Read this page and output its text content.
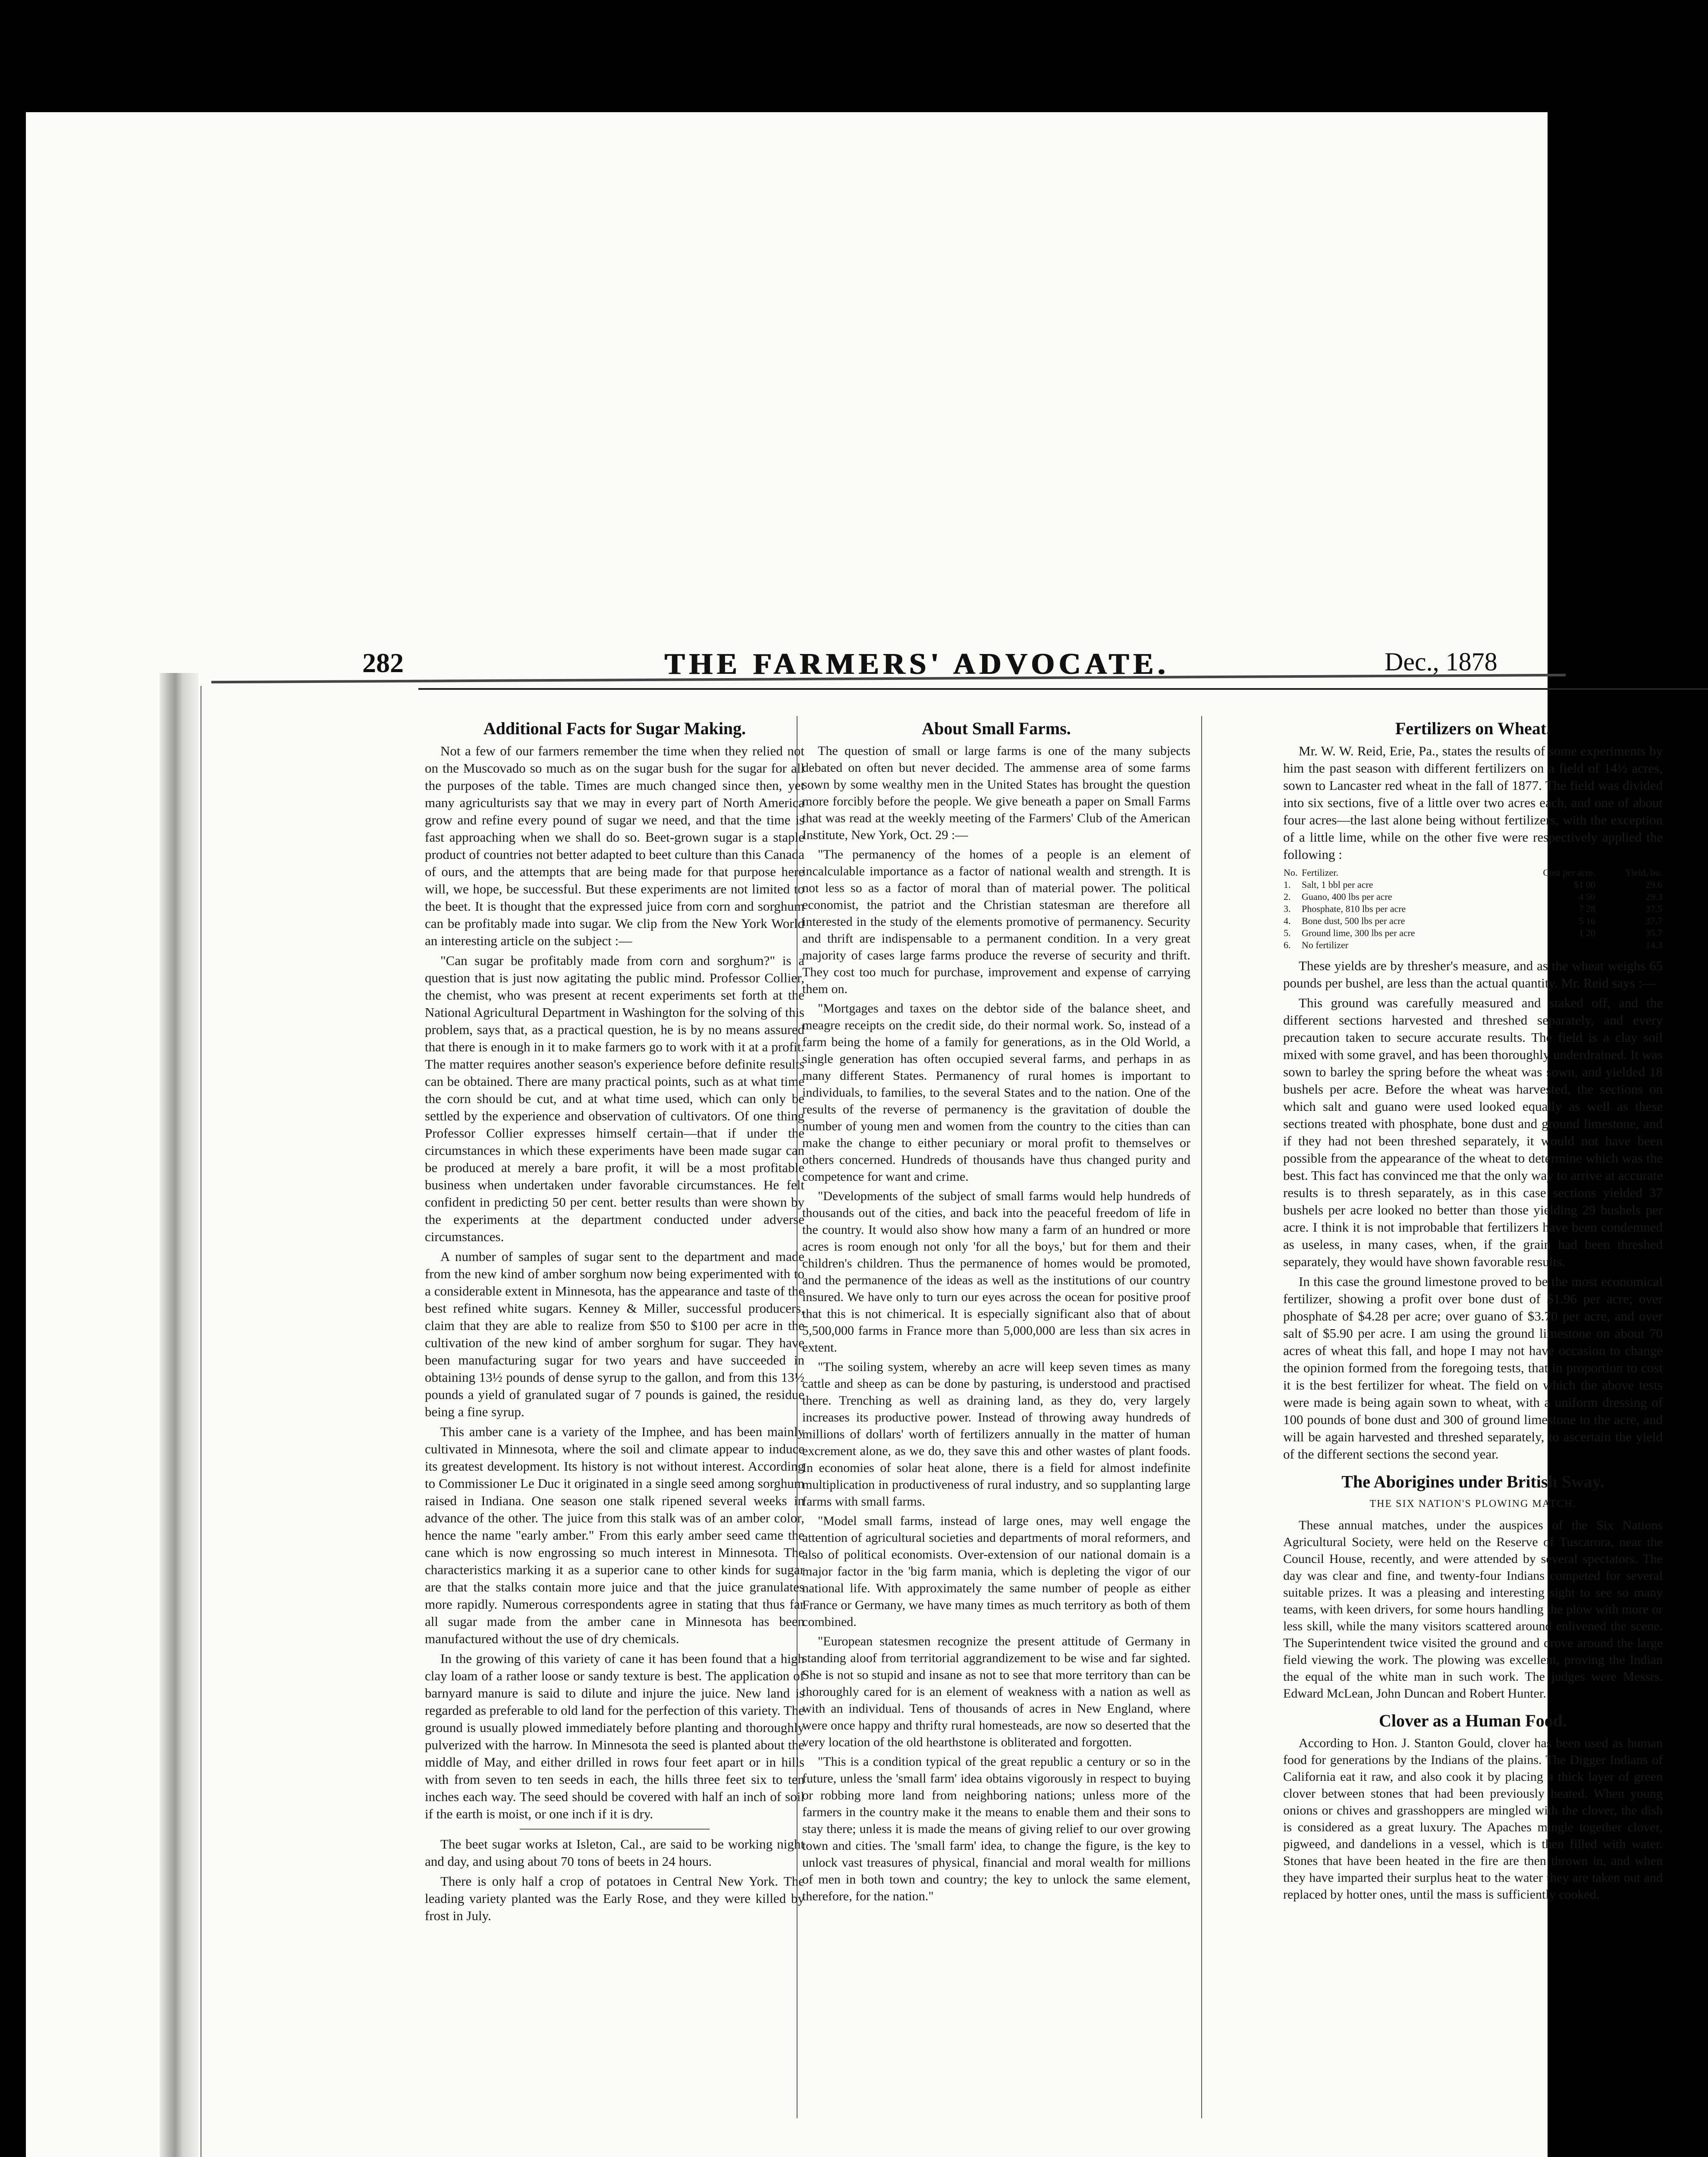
282	THE FARMERS' ADVOCATE.	Dec., 1878
Additional Facts for Sugar Making.

Not a few of our farmers remember the time when they relied not on the Muscovado so much as on the sugar bush for the sugar for all the purposes of the table. Times are much changed since then, yet many agriculturists say that we may in every part of North America grow and refine every pound of sugar we need, and that the time is fast approaching when we shall do so. Beet-grown sugar is a staple product of countries not better adapted to beet culture than this Canada of ours, and the attempts that are being made for that purpose here will, we hope, be successful. But these experiments are not limited to the beet. It is thought that the expressed juice from corn and sorghum can be profitably made into sugar. We clip from the New York World an interesting article on the subject :—

"Can sugar be profitably made from corn and sorghum?" is a question that is just now agitating the public mind. Professor Collier, the chemist, who was present at recent experiments set forth at the National Agricultural Department in Washington for the solving of this problem, says that, as a practical question, he is by no means assured that there is enough in it to make farmers go to work with it at a profit. The matter requires another season's experience before definite results can be obtained. There are many practical points, such as at what time the corn should be cut, and at what time used, which can only be settled by the experience and observation of cultivators. Of one thing Professor Collier expresses himself certain—that if under the circumstances in which these experiments have been made sugar can be produced at merely a bare profit, it will be a most profitable business when undertaken under favorable circumstances. He felt confident in predicting 50 per cent. better results than were shown by the experiments at the department conducted under adverse circumstances.

A number of samples of sugar sent to the department and made from the new kind of amber sorghum now being experimented with to a considerable extent in Minnesota, has the appearance and taste of the best refined white sugars. Kenney & Miller, successful producers, claim that they are able to realize from $50 to $100 per acre in the cultivation of the new kind of amber sorghum for sugar. They have been manufacturing sugar for two years and have succeeded in obtaining 13½ pounds of dense syrup to the gallon, and from this 13½ pounds a yield of granulated sugar of 7 pounds is gained, the residue being a fine syrup.

This amber cane is a variety of the Imphee, and has been mainly cultivated in Minnesota, where the soil and climate appear to induce its greatest development. Its history is not without interest. According to Commissioner Le Duc it originated in a single seed among sorghum raised in Indiana. One season one stalk ripened several weeks in advance of the other. The juice from this stalk was of an amber color, hence the name "early amber." From this early amber seed came the cane which is now engrossing so much interest in Minnesota. The characteristics marking it as a superior cane to other kinds for sugar are that the stalks contain more juice and that the juice granulates more rapidly. Numerous correspondents agree in stating that thus far all sugar made from the amber cane in Minnesota has been manufactured without the use of dry chemicals.

In the growing of this variety of cane it has been found that a high clay loam of a rather loose or sandy texture is best. The application of barnyard manure is said to dilute and injure the juice. New land is regarded as preferable to old land for the perfection of this variety. The ground is usually plowed immediately before planting and thoroughly pulverized with the harrow. In Minnesota the seed is planted about the middle of May, and either drilled in rows four feet apart or in hills with from seven to ten seeds in each, the hills three feet six to ten inches each way. The seed should be covered with half an inch of soil if the earth is moist, or one inch if it is dry.

The beet sugar works at Isleton, Cal., are said to be working night and day, and using about 70 tons of beets in 24 hours.

There is only half a crop of potatoes in Central New York. The leading variety planted was the Early Rose, and they were killed by frost in July.

About Small Farms.

The question of small or large farms is one of the many subjects debated on often but never decided. The ammense area of some farms sown by some wealthy men in the United States has brought the question more forcibly before the people. We give beneath a paper on Small Farms that was read at the weekly meeting of the Farmers' Club of the American Institute, New York, Oct. 29 :—

"The permanency of the homes of a people is an element of incalculable importance as a factor of national wealth and strength. It is not less so as a factor of moral than of material power. The political economist, the patriot and the Christian statesman are therefore all interested in the study of the elements promotive of permanency. Security and thrift are indispensable to a permanent condition. In a very great majority of cases large farms produce the reverse of security and thrift. They cost too much for purchase, improvement and expense of carrying them on.

"Mortgages and taxes on the debtor side of the balance sheet, and meagre receipts on the credit side, do their normal work. So, instead of a farm being the home of a family for generations, as in the Old World, a single generation has often occupied several farms, and perhaps in as many different States. Permanency of rural homes is important to individuals, to families, to the several States and to the nation. One of the results of the reverse of permanency is the gravitation of double the number of young men and women from the country to the cities than can make the change to either pecuniary or moral profit to themselves or others concerned. Hundreds of thousands have thus changed purity and competence for want and crime.

"Developments of the subject of small farms would help hundreds of thousands out of the cities, and back into the peaceful freedom of life in the country. It would also show how many a farm of an hundred or more acres is room enough not only 'for all the boys,' but for them and their children's children. Thus the permanence of homes would be promoted, and the permanence of the ideas as well as the institutions of our country insured. We have only to turn our eyes across the ocean for positive proof that this is not chimerical. It is especially significant also that of about 5,500,000 farms in France more than 5,000,000 are less than six acres in extent.

"The soiling system, whereby an acre will keep seven times as many cattle and sheep as can be done by pasturing, is understood and practised there. Trenching as well as draining land, as they do, very largely increases its productive power. Instead of throwing away hundreds of millions of dollars' worth of fertilizers annually in the matter of human excrement alone, as we do, they save this and other wastes of plant foods. In economies of solar heat alone, there is a field for almost indefinite multiplication in productiveness of rural industry, and so supplanting large farms with small farms.

"Model small farms, instead of large ones, may well engage the attention of agricultural societies and departments of moral reformers, and also of political economists. Over-extension of our national domain is a major factor in the 'big farm mania, which is depleting the vigor of our national life. With approximately the same number of people as either France or Germany, we have many times as much territory as both of them combined.

"European statesmen recognize the present attitude of Germany in standing aloof from territorial aggrandizement to be wise and far sighted. She is not so stupid and insane as not to see that more territory than can be thoroughly cared for is an element of weakness with a nation as well as with an individual. Tens of thousands of acres in New England, where were once happy and thrifty rural homesteads, are now so deserted that the very location of the old hearthstone is obliterated and forgotten.

"This is a condition typical of the great republic a century or so in the future, unless the 'small farm' idea obtains vigorously in respect to buying or robbing more land from neighboring nations; unless more of the farmers in the country make it the means to enable them and their sons to stay there; unless it is made the means of giving relief to our over growing town and cities. The 'small farm' idea, to change the figure, is the key to unlock vast treasures of physical, financial and moral wealth for millions of men in both town and country; the key to unlock the same element, therefore, for the nation."

Fertilizers on Wheat.

Mr. W. W. Reid, Erie, Pa., states the results of some experiments by him the past season with different fertilizers on a field of 14½ acres, sown to Lancaster red wheat in the fall of 1877. The field was divided into six sections, five of a little over two acres each, and one of about four acres—the last alone being without fertilizers, with the exception of a little lime, while on the other five were respectively applied the following :

No.	Fertilizer.	Cost per acre.	Yield, bu.
1.	Salt, 1 bbl per acre	$1 00	29.6
2.	Guano, 400 lbs per acre	4 50	29.3
3.	Phosphate, 810 lbs per acre	7 28	37.5
4.	Bone dust, 500 lbs per acre	5 16	37.7
5.	Ground lime, 300 lbs per acre	1 20	35.7
6.	No fertilizer		14.3

These yields are by thresher's measure, and as the wheat weighs 65 pounds per bushel, are less than the actual quantity. Mr. Reid says :—

This ground was carefully measured and staked off, and the different sections harvested and threshed separately, and every precaution taken to secure accurate results. The field is a clay soil mixed with some gravel, and has been thoroughly underdrained. It was sown to barley the spring before the wheat was sown, and yielded 18 bushels per acre. Before the wheat was harvested, the sections on which salt and guano were used looked equally as well as these sections treated with phosphate, bone dust and ground limestone, and if they had not been threshed separately, it would not have been possible from the appearance of the wheat to determine which was the best. This fact has convinced me that the only way to arrive at accurate results is to thresh separately, as in this case sections yielded 37 bushels per acre looked no better than those yielding 29 bushels per acre. I think it is not improbable that fertilizers have been condemned as useless, in many cases, when, if the grain had been threshed separately, they would have shown favorable results.

In this case the ground limestone proved to be the most economical fertilizer, showing a profit over bone dust of $1.96 per acre; over phosphate of $4.28 per acre; over guano of $3.70 per acre, and over salt of $5.90 per acre. I am using the ground limestone on about 70 acres of wheat this fall, and hope I may not have occasion to change the opinion formed from the foregoing tests, that in proportion to cost it is the best fertilizer for wheat. The field on which the above tests were made is being again sown to wheat, with a uniform dressing of 100 pounds of bone dust and 300 of ground limestone to the acre, and will be again harvested and threshed separately, to ascertain the yield of the different sections the second year.

The Aborigines under British Sway.
THE SIX NATION'S PLOWING MATCH.

These annual matches, under the auspices of the Six Nations Agricultural Society, were held on the Reserve of Tuscarora, near the Council House, recently, and were attended by several spectators. The day was clear and fine, and twenty-four Indians competed for several suitable prizes. It was a pleasing and interesting sight to see so many teams, with keen drivers, for some hours handling the plow with more or less skill, while the many visitors scattered around enlivened the scene. The Superintendent twice visited the ground and drove around the large field viewing the work. The plowing was excellent, proving the Indian the equal of the white man in such work. The judges were Messrs. Edward McLean, John Duncan and Robert Hunter.

Clover as a Human Food.

According to Hon. J. Stanton Gould, clover has been used as human food for generations by the Indians of the plains. The Digger Indians of California eat it raw, and also cook it by placing a thick layer of green clover between stones that had been previously heated. When young onions or chives and grasshoppers are mingled with the clover, the dish is considered as a great luxury. The Apaches mingle together clover, pigweed, and dandelions in a vessel, which is then filled with water. Stones that have been heated in the fire are then thrown in, and when they have imparted their surplus heat to the water they are taken out and replaced by hotter ones, until the mass is sufficiently cooked.
